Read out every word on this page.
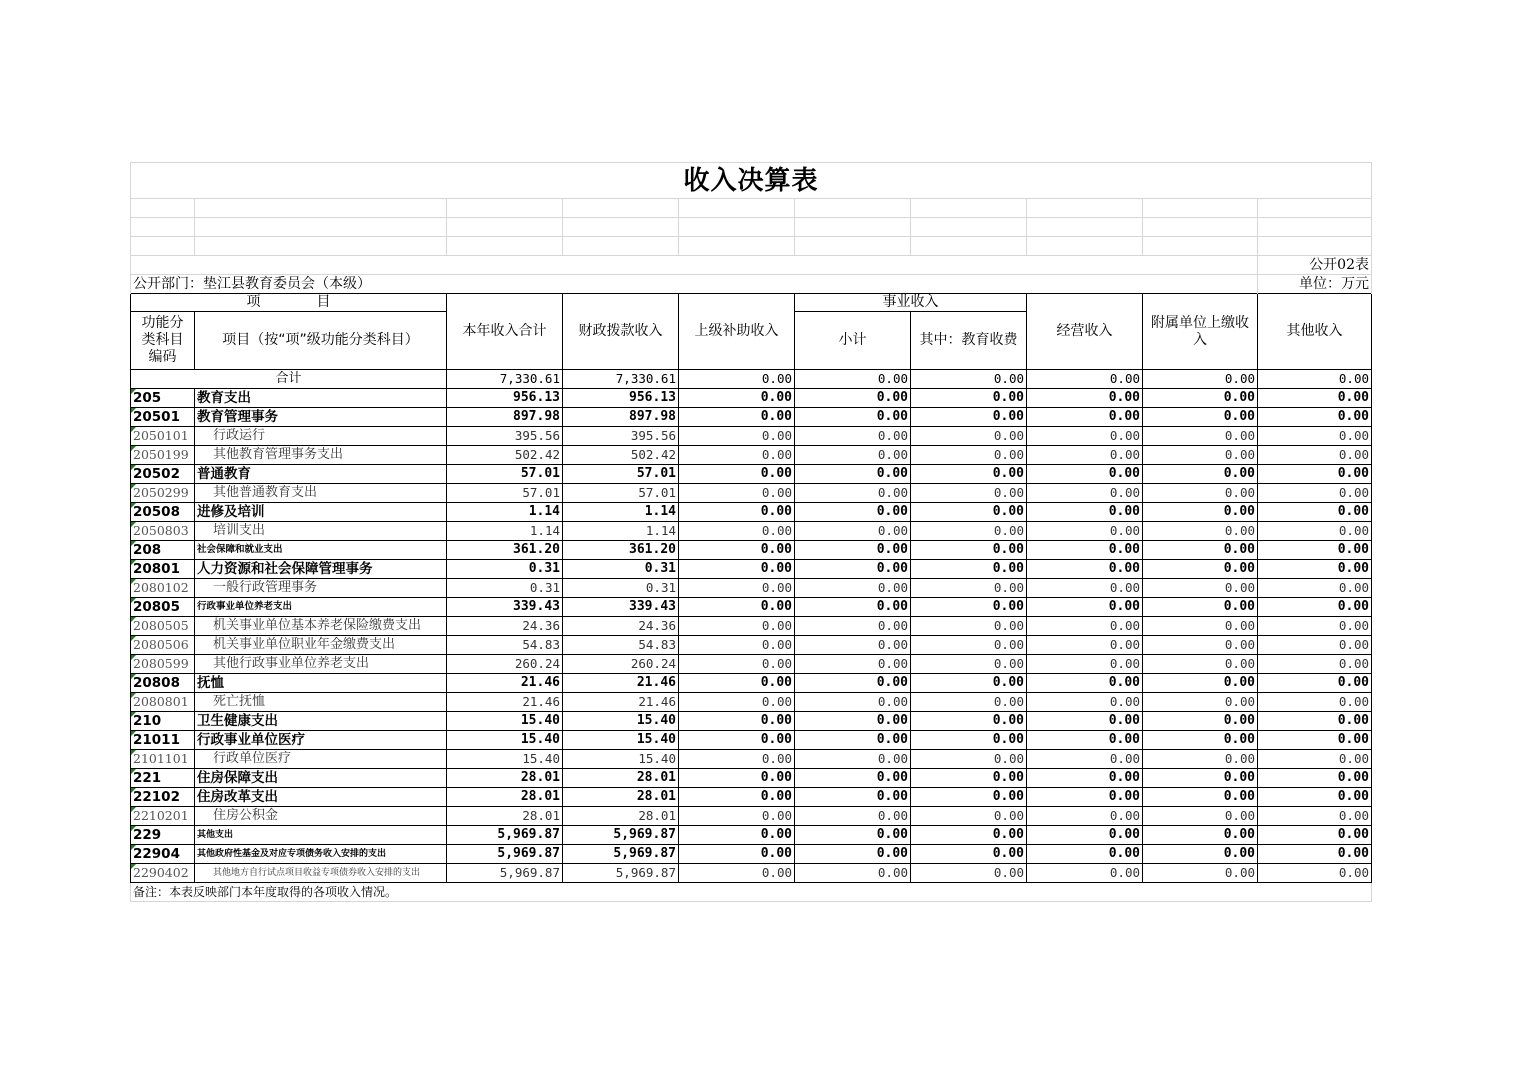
收入决算表									

									公开02表
公开部门：垫江县教育委员会（本级）									单位：万元
项　　　　目		本年收入合计	财政拨款收入	上级补助收入	事业收入		经营收入	附属单位上缴收入	其他收入
功能分类科目编码	项目（按“项”级功能分类科目）				小计	其中：教育收费			
合计		7,330.61	7,330.61	0.00	0.00	0.00	0.00	0.00	0.00
205	教育支出	956.13	956.13	0.00	0.00	0.00	0.00	0.00	0.00
20501	教育管理事务	897.98	897.98	0.00	0.00	0.00	0.00	0.00	0.00
2050101	行政运行	395.56	395.56	0.00	0.00	0.00	0.00	0.00	0.00
2050199	其他教育管理事务支出	502.42	502.42	0.00	0.00	0.00	0.00	0.00	0.00
20502	普通教育	57.01	57.01	0.00	0.00	0.00	0.00	0.00	0.00
2050299	其他普通教育支出	57.01	57.01	0.00	0.00	0.00	0.00	0.00	0.00
20508	进修及培训	1.14	1.14	0.00	0.00	0.00	0.00	0.00	0.00
2050803	培训支出	1.14	1.14	0.00	0.00	0.00	0.00	0.00	0.00
208	社会保障和就业支出	361.20	361.20	0.00	0.00	0.00	0.00	0.00	0.00
20801	人力资源和社会保障管理事务	0.31	0.31	0.00	0.00	0.00	0.00	0.00	0.00
2080102	一般行政管理事务	0.31	0.31	0.00	0.00	0.00	0.00	0.00	0.00
20805	行政事业单位养老支出	339.43	339.43	0.00	0.00	0.00	0.00	0.00	0.00
2080505	机关事业单位基本养老保险缴费支出	24.36	24.36	0.00	0.00	0.00	0.00	0.00	0.00
2080506	机关事业单位职业年金缴费支出	54.83	54.83	0.00	0.00	0.00	0.00	0.00	0.00
2080599	其他行政事业单位养老支出	260.24	260.24	0.00	0.00	0.00	0.00	0.00	0.00
20808	抚恤	21.46	21.46	0.00	0.00	0.00	0.00	0.00	0.00
2080801	死亡抚恤	21.46	21.46	0.00	0.00	0.00	0.00	0.00	0.00
210	卫生健康支出	15.40	15.40	0.00	0.00	0.00	0.00	0.00	0.00
21011	行政事业单位医疗	15.40	15.40	0.00	0.00	0.00	0.00	0.00	0.00
2101101	行政单位医疗	15.40	15.40	0.00	0.00	0.00	0.00	0.00	0.00
221	住房保障支出	28.01	28.01	0.00	0.00	0.00	0.00	0.00	0.00
22102	住房改革支出	28.01	28.01	0.00	0.00	0.00	0.00	0.00	0.00
2210201	住房公积金	28.01	28.01	0.00	0.00	0.00	0.00	0.00	0.00
229	其他支出	5,969.87	5,969.87	0.00	0.00	0.00	0.00	0.00	0.00
22904	其他政府性基金及对应专项债务收入安排的支出	5,969.87	5,969.87	0.00	0.00	0.00	0.00	0.00	0.00
2290402	其他地方自行试点项目收益专项债券收入安排的支出	5,969.87	5,969.87	0.00	0.00	0.00	0.00	0.00	0.00
备注：本表反映部门本年度取得的各项收入情况。									
